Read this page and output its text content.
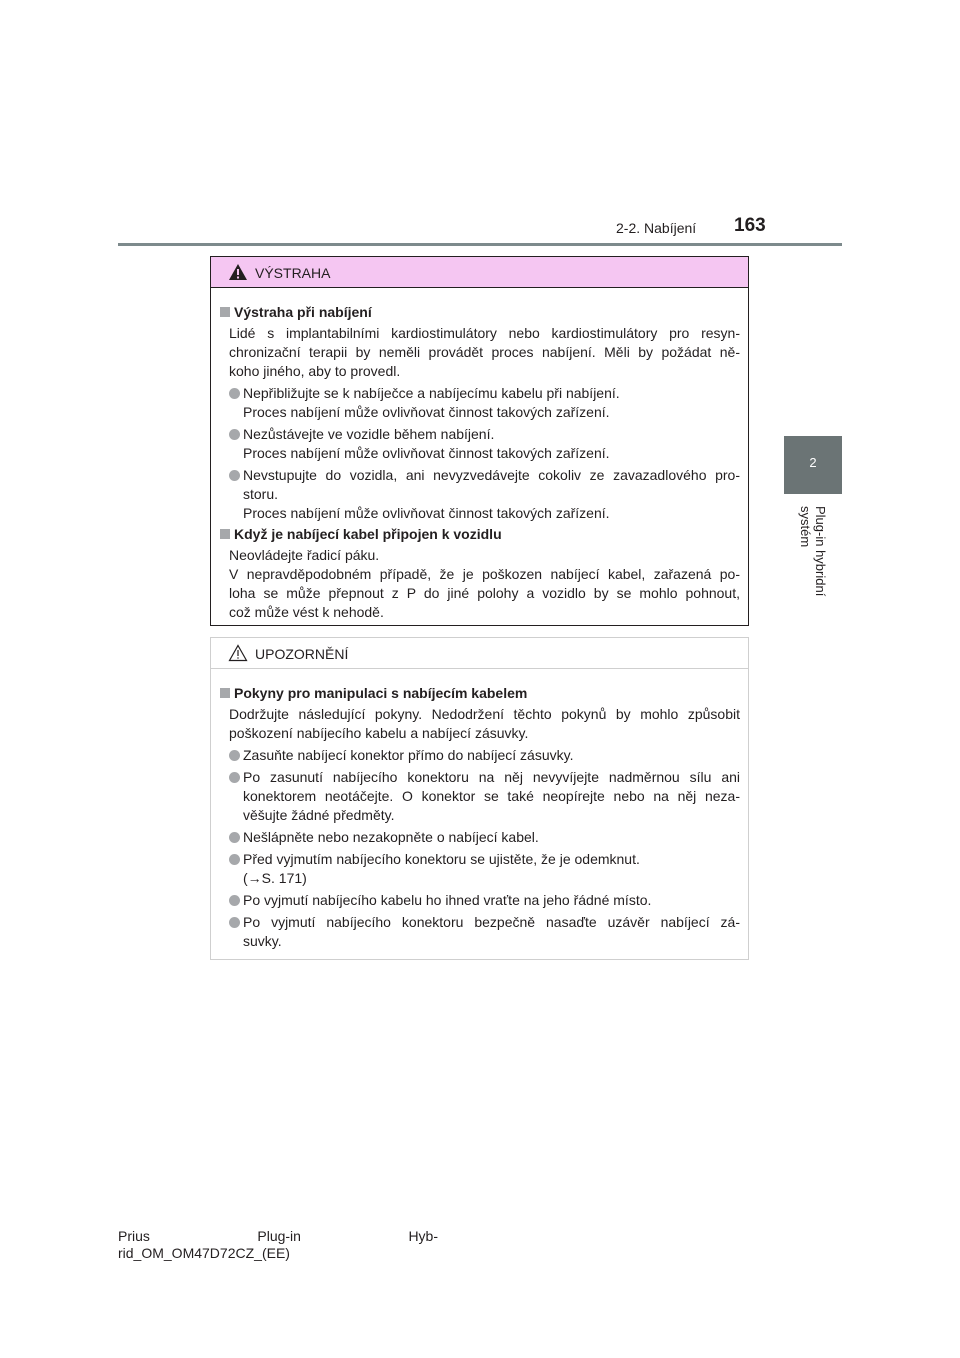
2-2. Nabíjení 163
2
Plug-in hybridní systém
VÝSTRAHA
Výstraha při nabíjení
Lidé s implantabilními kardiostimulátory nebo kardiostimulátory pro resyn-
chronizační terapii by neměli provádět proces nabíjení. Měli by požádat ně-
koho jiného, aby to provedl.
Nepřibližujte se k nabíječce a nabíjecímu kabelu při nabíjení.
Proces nabíjení může ovlivňovat činnost takových zařízení.
Nezůstávejte ve vozidle během nabíjení.
Proces nabíjení může ovlivňovat činnost takových zařízení.
Nevstupujte do vozidla, ani nevyzvedávejte cokoliv ze zavazadlového pro-
storu.
Proces nabíjení může ovlivňovat činnost takových zařízení.
Když je nabíjecí kabel připojen k vozidlu
Neovládejte řadicí páku.
V nepravděpodobném případě, že je poškozen nabíjecí kabel, zařazená po-
loha se může přepnout z P do jiné polohy a vozidlo by se mohlo pohnout,
což může vést k nehodě.
UPOZORNĚNÍ
Pokyny pro manipulaci s nabíjecím kabelem
Dodržujte následující pokyny. Nedodržení těchto pokynů by mohlo způsobit
poškození nabíjecího kabelu a nabíjecí zásuvky.
Zasuňte nabíjecí konektor přímo do nabíjecí zásuvky.
Po zasunutí nabíjecího konektoru na něj nevyvíjejte nadměrnou sílu ani
konektorem neotáčejte. O konektor se také neopírejte nebo na něj neza-
věšujte žádné předměty.
Nešlápněte nebo nezakopněte o nabíjecí kabel.
Před vyjmutím nabíjecího konektoru se ujistěte, že je odemknut.
(→S. 171)
Po vyjmutí nabíjecího kabelu ho ihned vraťte na jeho řádné místo.
Po vyjmutí nabíjecího konektoru bezpečně nasaďte uzávěr nabíjecí zá-
suvky.
Prius	Plug-in	Hyb-
rid_OM_OM47D72CZ_(EE)
